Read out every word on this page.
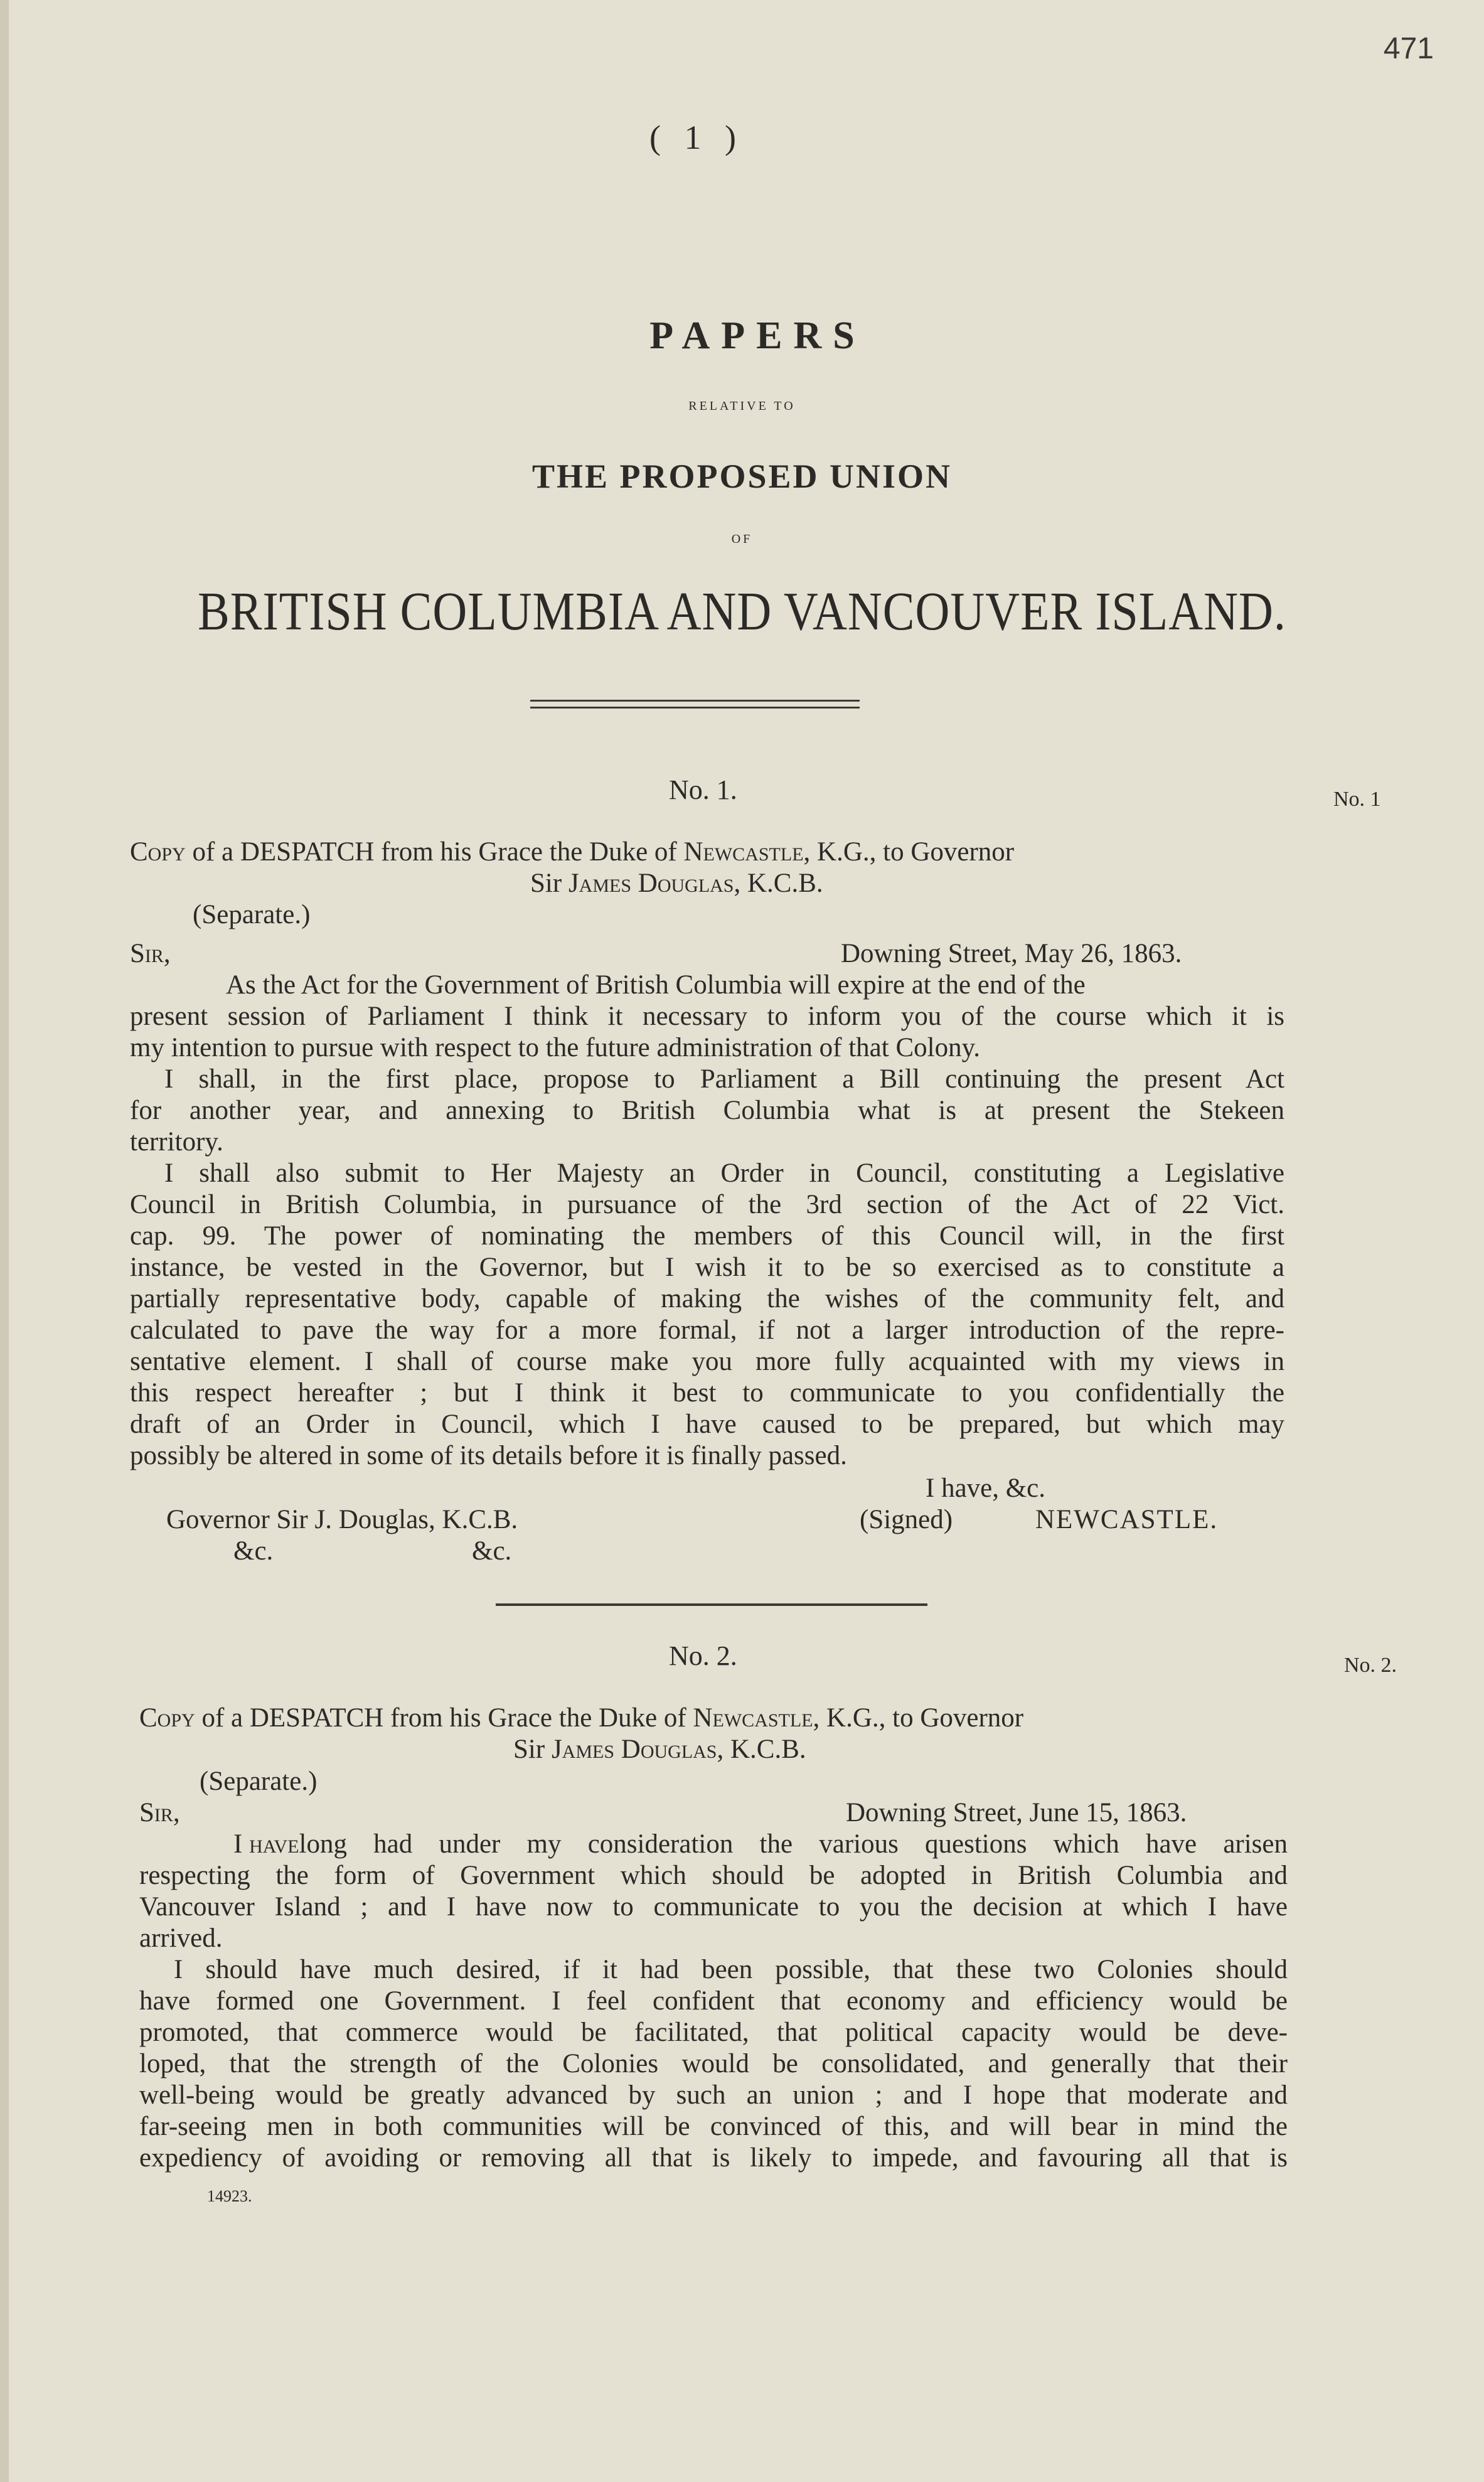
471
( 1 )
PAPERS
RELATIVE TO
THE PROPOSED UNION
OF
BRITISH COLUMBIA AND VANCOUVER ISLAND.
No. 1.	No. 1
Copy of a DESPATCH from his Grace the Duke of Newcastle, K.G., to Governor
Sir James Douglas, K.C.B.
(Separate.)
Sir,	Downing Street, May 26, 1863.
As the Act for the Government of British Columbia will expire at the end of the
present session of Parliament I think it necessary to inform you of the course which it is
my intention to pursue with respect to the future administration of that Colony.
I shall, in the first place, propose to Parliament a Bill continuing the present Act
for another year, and annexing to British Columbia what is at present the Stekeen
territory.
I shall also submit to Her Majesty an Order in Council, constituting a Legislative
Council in British Columbia, in pursuance of the 3rd section of the Act of 22 Vict.
cap. 99. The power of nominating the members of this Council will, in the first
instance, be vested in the Governor, but I wish it to be so exercised as to constitute a
partially representative body, capable of making the wishes of the community felt, and
calculated to pave the way for a more formal, if not a larger introduction of the repre-
sentative element. I shall of course make you more fully acquainted with my views in
this respect hereafter ; but I think it best to communicate to you confidentially the
draft of an Order in Council, which I have caused to be prepared, but which may
possibly be altered in some of its details before it is finally passed.
I have, &c.
Governor Sir J. Douglas, K.C.B.	(Signed)	NEWCASTLE.
&c.	&c.
No. 2.	No. 2.
Copy of a DESPATCH from his Grace the Duke of Newcastle, K.G., to Governor
Sir James Douglas, K.C.B.
(Separate.)
Sir,	Downing Street, June 15, 1863.
I have long had under my consideration the various questions which have arisen
respecting the form of Government which should be adopted in British Columbia and
Vancouver Island ; and I have now to communicate to you the decision at which I have
arrived.
I should have much desired, if it had been possible, that these two Colonies should
have formed one Government. I feel confident that economy and efficiency would be
promoted, that commerce would be facilitated, that political capacity would be deve-
loped, that the strength of the Colonies would be consolidated, and generally that their
well-being would be greatly advanced by such an union ; and I hope that moderate and
far-seeing men in both communities will be convinced of this, and will bear in mind the
expediency of avoiding or removing all that is likely to impede, and favouring all that is
14923.
